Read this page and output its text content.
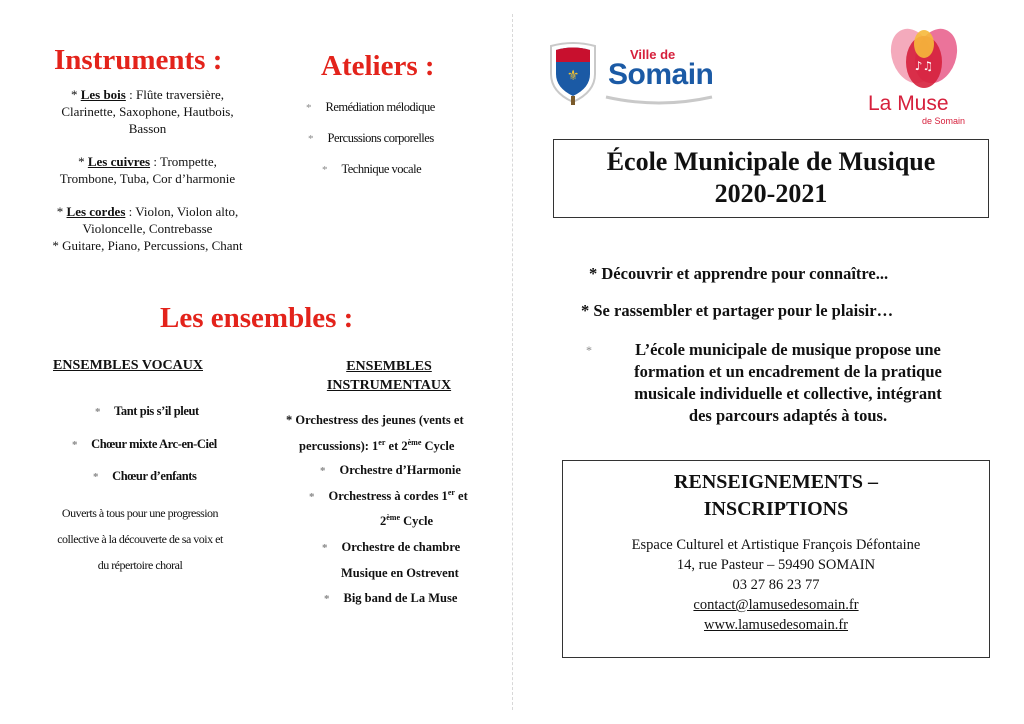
Instruments :
* Les bois : Flûte traversière,
Clarinette, Saxophone, Hautbois,
Basson
* Les cuivres : Trompette,
Trombone, Tuba, Cor d’harmonie
* Les cordes : Violon, Violon alto,
Violoncelle, Contrebasse
* Guitare, Piano, Percussions, Chant
Ateliers :
* Remédiation mélodique
* Percussions corporelles
* Technique vocale
Les ensembles :
ENSEMBLES VOCAUX
* Tant pis s’il pleut
* Chœur mixte Arc-en-Ciel
* Chœur d’enfants
Ouverts à tous pour une progression
collective à la découverte de sa voix et
du répertoire choral
ENSEMBLES
INSTRUMENTAUX
* Orchestress des jeunes (vents et
percussions): 1er et 2ème Cycle
* Orchestre d’Harmonie
* Orchestress à cordes 1er et
2ème Cycle
* Orchestre de chambre
Musique en Ostrevent
* Big band de La Muse
⚜
Ville de
Somain	♪♫
La Muse
de Somain
École Municipale de Musique
2020-2021
* Découvrir et apprendre pour connaître...
* Se rassembler et partager pour le plaisir…
*	L’école municipale de musique propose une
formation et un encadrement de la pratique
musicale individuelle et collective, intégrant
des parcours adaptés à tous.
RENSEIGNEMENTS –
INSCRIPTIONS
Espace Culturel et Artistique François Défontaine
14, rue Pasteur – 59490 SOMAIN
03 27 86 23 77
contact@lamusedesomain.fr
www.lamusedesomain.fr
